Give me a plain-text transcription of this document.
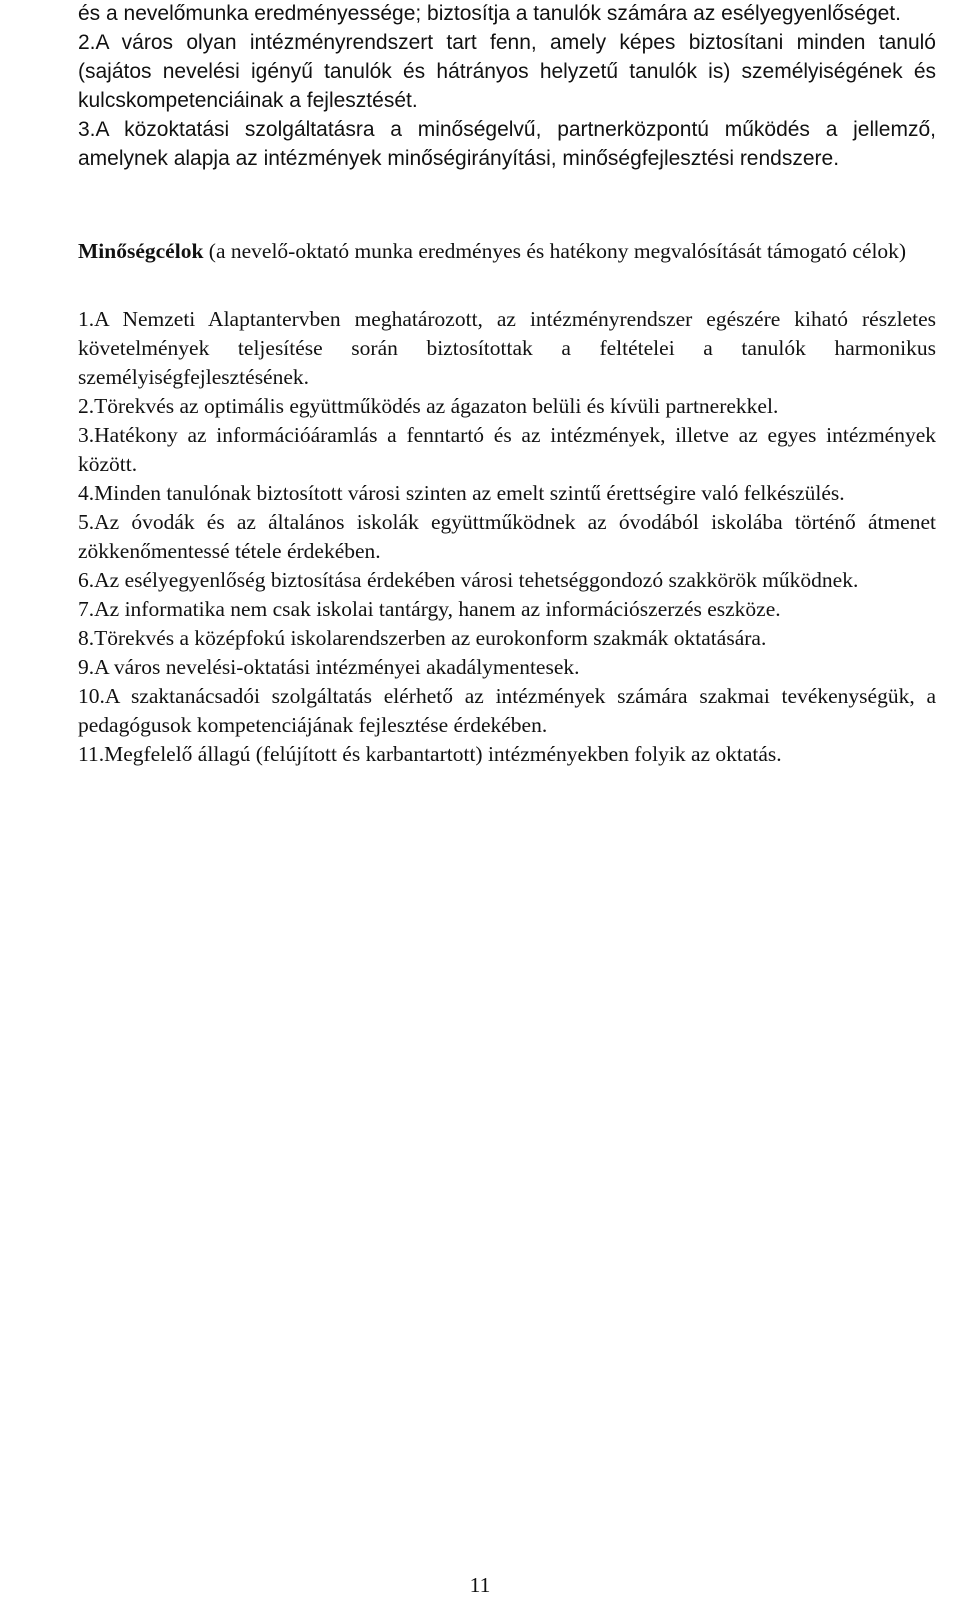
és a nevelőmunka eredményessége; biztosítja a tanulók számára az esélyegyenlőséget.

2.A város olyan intézményrendszert tart fenn, amely képes biztosítani minden tanuló (sajátos nevelési igényű tanulók és hátrányos helyzetű tanulók is) személyiségének és kulcskompetenciáinak a fejlesztését.

3.A közoktatási szolgáltatásra a minőségelvű, partnerközpontú működés a jellemző, amelynek alapja az intézmények minőségirányítási, minőségfejlesztési rendszere.

Minőségcélok (a nevelő-oktató munka eredményes és hatékony megvalósítását támogató célok)

1.A Nemzeti Alaptantervben meghatározott, az intézményrendszer egészére kiható részletes követelmények teljesítése során biztosítottak a feltételei a tanulók harmonikus személyiségfejlesztésének.

2.Törekvés az optimális együttműködés az ágazaton belüli és kívüli partnerekkel.

3.Hatékony az információáramlás a fenntartó és az intézmények, illetve az egyes intézmények között.

4.Minden tanulónak biztosított városi szinten az emelt szintű érettségire való felkészülés.

5.Az óvodák és az általános iskolák együttműködnek az óvodából iskolába történő átmenet zökkenőmentessé tétele érdekében.

6.Az esélyegyenlőség biztosítása érdekében városi tehetséggondozó szakkörök működnek.

7.Az informatika nem csak iskolai tantárgy, hanem az információszerzés eszköze.

8.Törekvés a középfokú iskolarendszerben az eurokonform szakmák oktatására.

9.A város nevelési-oktatási intézményei akadálymentesek.

10.A szaktanácsadói szolgáltatás elérhető az intézmények számára szakmai tevékenységük, a pedagógusok kompetenciájának fejlesztése érdekében.

11.Megfelelő állagú (felújított és karbantartott) intézményekben folyik az oktatás.

11
